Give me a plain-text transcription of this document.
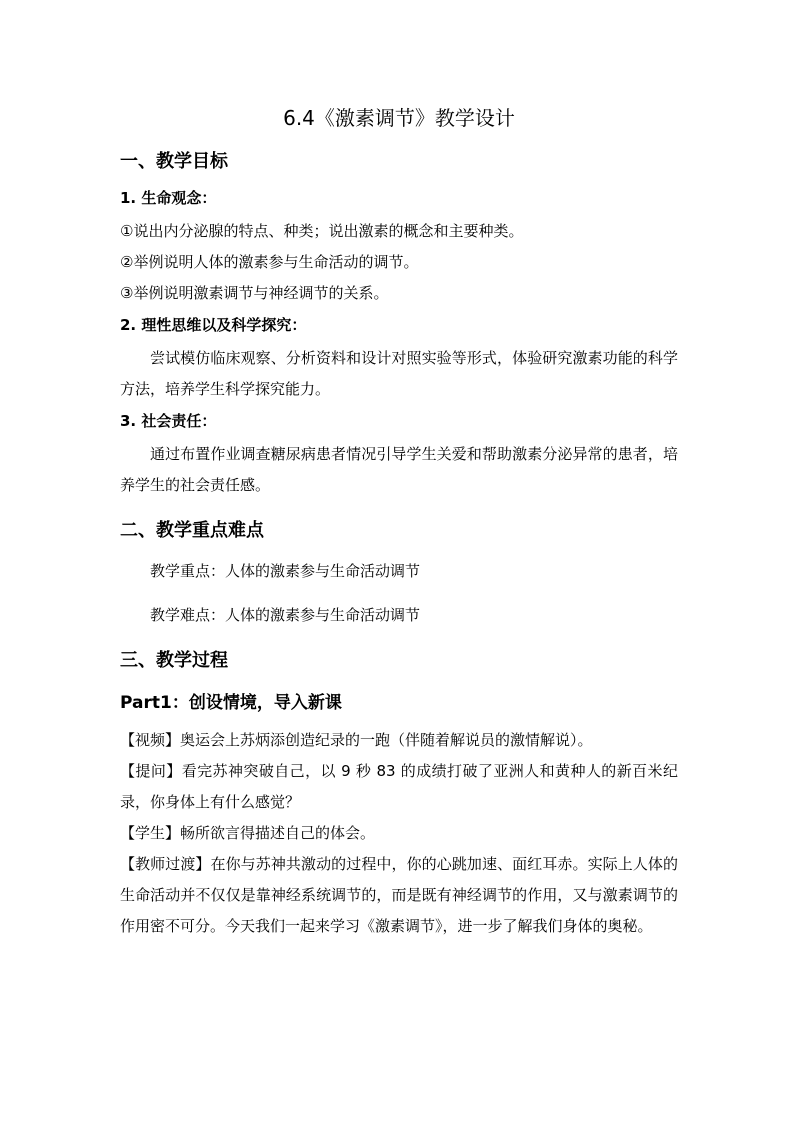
6.4《激素调节》教学设计
一、教学目标
1. 生命观念：

①说出内分泌腺的特点、种类；说出激素的概念和主要种类。

②举例说明人体的激素参与生命活动的调节。

③举例说明激素调节与神经调节的关系。

2. 理性思维以及科学探究：

尝试模仿临床观察、分析资料和设计对照实验等形式，体验研究激素功能的科学方法，培养学生科学探究能力。

3. 社会责任：

通过布置作业调查糖尿病患者情况引导学生关爱和帮助激素分泌异常的患者，培养学生的社会责任感。

二、教学重点难点
教学重点：人体的激素参与生命活动调节
教学难点：人体的激素参与生命活动调节
三、教学过程
Part1：创设情境，导入新课

【视频】奥运会上苏炳添创造纪录的一跑（伴随着解说员的激情解说）。

【提问】看完苏神突破自己，以 9 秒 83 的成绩打破了亚洲人和黄种人的新百米纪录，你身体上有什么感觉？

【学生】畅所欲言得描述自己的体会。

【教师过渡】在你与苏神共激动的过程中，你的心跳加速、面红耳赤。实际上人体的生命活动并不仅仅是靠神经系统调节的，而是既有神经调节的作用，又与激素调节的作用密不可分。今天我们一起来学习《激素调节》，进一步了解我们身体的奥秘。
